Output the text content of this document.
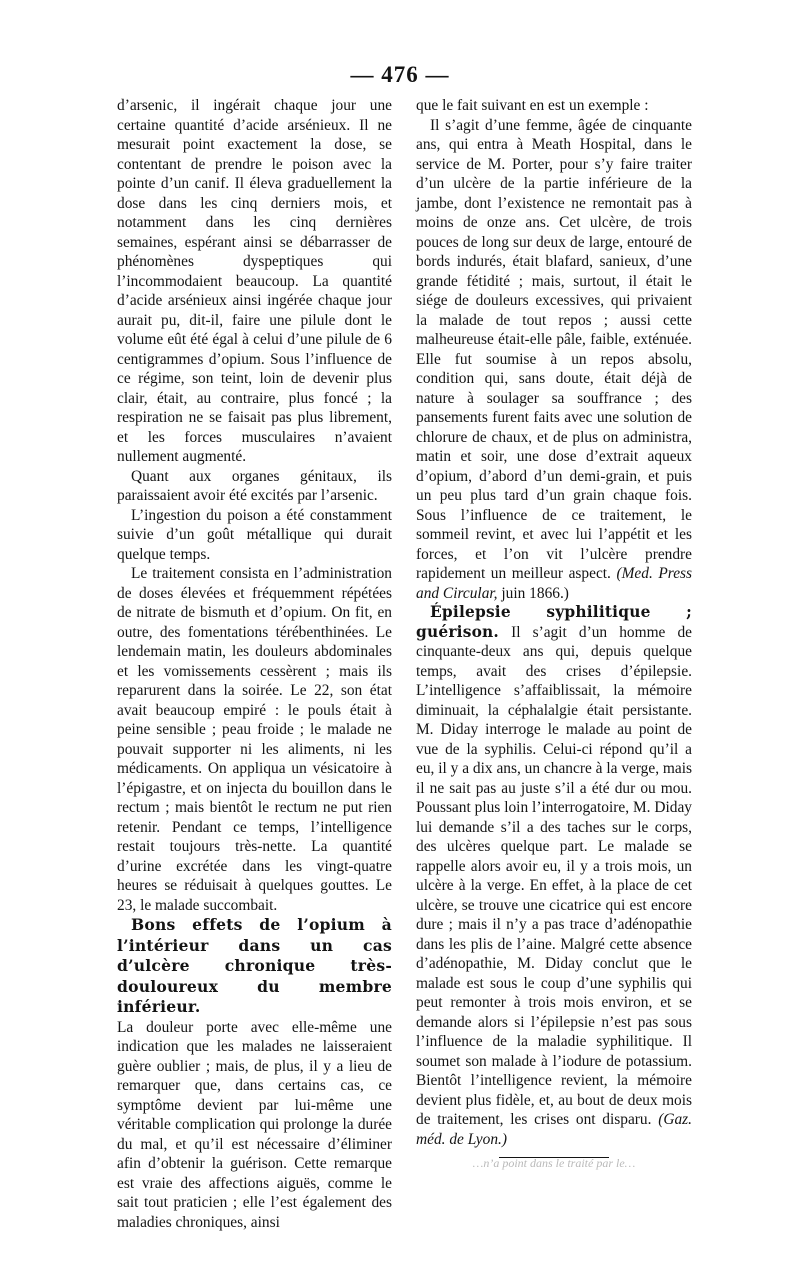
— 476 —

d’arsenic, il ingérait chaque jour une certaine quantité d’acide arsénieux. Il ne mesurait point exactement la dose, se contentant de prendre le poison avec la pointe d’un canif. Il éleva graduellement la dose dans les cinq derniers mois, et notamment dans les cinq dernières semaines, espérant ainsi se débarrasser de phénomènes dyspeptiques qui l’incommodaient beaucoup. La quantité d’acide arsénieux ainsi ingérée chaque jour aurait pu, dit-il, faire une pilule dont le volume eût été égal à celui d’une pilule de 6 centigrammes d’opium. Sous l’influence de ce régime, son teint, loin de devenir plus clair, était, au contraire, plus foncé ; la respiration ne se faisait pas plus librement, et les forces musculaires n’avaient nullement augmenté.

Quant aux organes génitaux, ils paraissaient avoir été excités par l’arsenic.

L’ingestion du poison a été constamment suivie d’un goût métallique qui durait quelque temps.

Le traitement consista en l’administration de doses élevées et fréquemment répétées de nitrate de bismuth et d’opium. On fit, en outre, des fomentations térébenthinées. Le lendemain matin, les douleurs abdominales et les vomissements cessèrent ; mais ils reparurent dans la soirée. Le 22, son état avait beaucoup empiré : le pouls était à peine sensible ; peau froide ; le malade ne pouvait supporter ni les aliments, ni les médicaments. On appliqua un vésicatoire à l’épigastre, et on injecta du bouillon dans le rectum ; mais bientôt le rectum ne put rien retenir. Pendant ce temps, l’intelligence restait toujours très-nette. La quantité d’urine excrétée dans les vingt-quatre heures se réduisait à quelques gouttes. Le 23, le malade succombait.

Bons effets de l’opium à l’intérieur dans un cas d’ulcère chronique très-douloureux du membre inférieur.

La douleur porte avec elle-même une indication que les malades ne laisseraient guère oublier ; mais, de plus, il y a lieu de remarquer que, dans certains cas, ce symptôme devient par lui-même une véritable complication qui prolonge la durée du mal, et qu’il est nécessaire d’éliminer afin d’obtenir la guérison. Cette remarque est vraie des affections aiguës, comme le sait tout praticien ; elle l’est également des maladies chroniques, ainsi

que le fait suivant en est un exemple :

Il s’agit d’une femme, âgée de cinquante ans, qui entra à Meath Hospital, dans le service de M. Porter, pour s’y faire traiter d’un ulcère de la partie inférieure de la jambe, dont l’existence ne remontait pas à moins de onze ans. Cet ulcère, de trois pouces de long sur deux de large, entouré de bords indurés, était blafard, sanieux, d’une grande fétidité ; mais, surtout, il était le siége de douleurs excessives, qui privaient la malade de tout repos ; aussi cette malheureuse était-elle pâle, faible, exténuée. Elle fut soumise à un repos absolu, condition qui, sans doute, était déjà de nature à soulager sa souffrance ; des pansements furent faits avec une solution de chlorure de chaux, et de plus on administra, matin et soir, une dose d’extrait aqueux d’opium, d’abord d’un demi-grain, et puis un peu plus tard d’un grain chaque fois. Sous l’influence de ce traitement, le sommeil revint, et avec lui l’appétit et les forces, et l’on vit l’ulcère prendre rapidement un meilleur aspect. (Med. Press and Circular, juin 1866.)

Épilepsie syphilitique ; guérison. Il s’agit d’un homme de cinquante-deux ans qui, depuis quelque temps, avait des crises d’épilepsie. L’intelligence s’affaiblissait, la mémoire diminuait, la céphalalgie était persistante. M. Diday interroge le malade au point de vue de la syphilis. Celui-ci répond qu’il a eu, il y a dix ans, un chancre à la verge, mais il ne sait pas au juste s’il a été dur ou mou. Poussant plus loin l’interrogatoire, M. Diday lui demande s’il a des taches sur le corps, des ulcères quelque part. Le malade se rappelle alors avoir eu, il y a trois mois, un ulcère à la verge. En effet, à la place de cet ulcère, se trouve une cicatrice qui est encore dure ; mais il n’y a pas trace d’adénopathie dans les plis de l’aine. Malgré cette absence d’adénopathie, M. Diday conclut que le malade est sous le coup d’une syphilis qui peut remonter à trois mois environ, et se demande alors si l’épilepsie n’est pas sous l’influence de la maladie syphilitique. Il soumet son malade à l’iodure de potassium. Bientôt l’intelligence revient, la mémoire devient plus fidèle, et, au bout de deux mois de traitement, les crises ont disparu. (Gaz. méd. de Lyon.)

…n’a point dans le traité par le…
